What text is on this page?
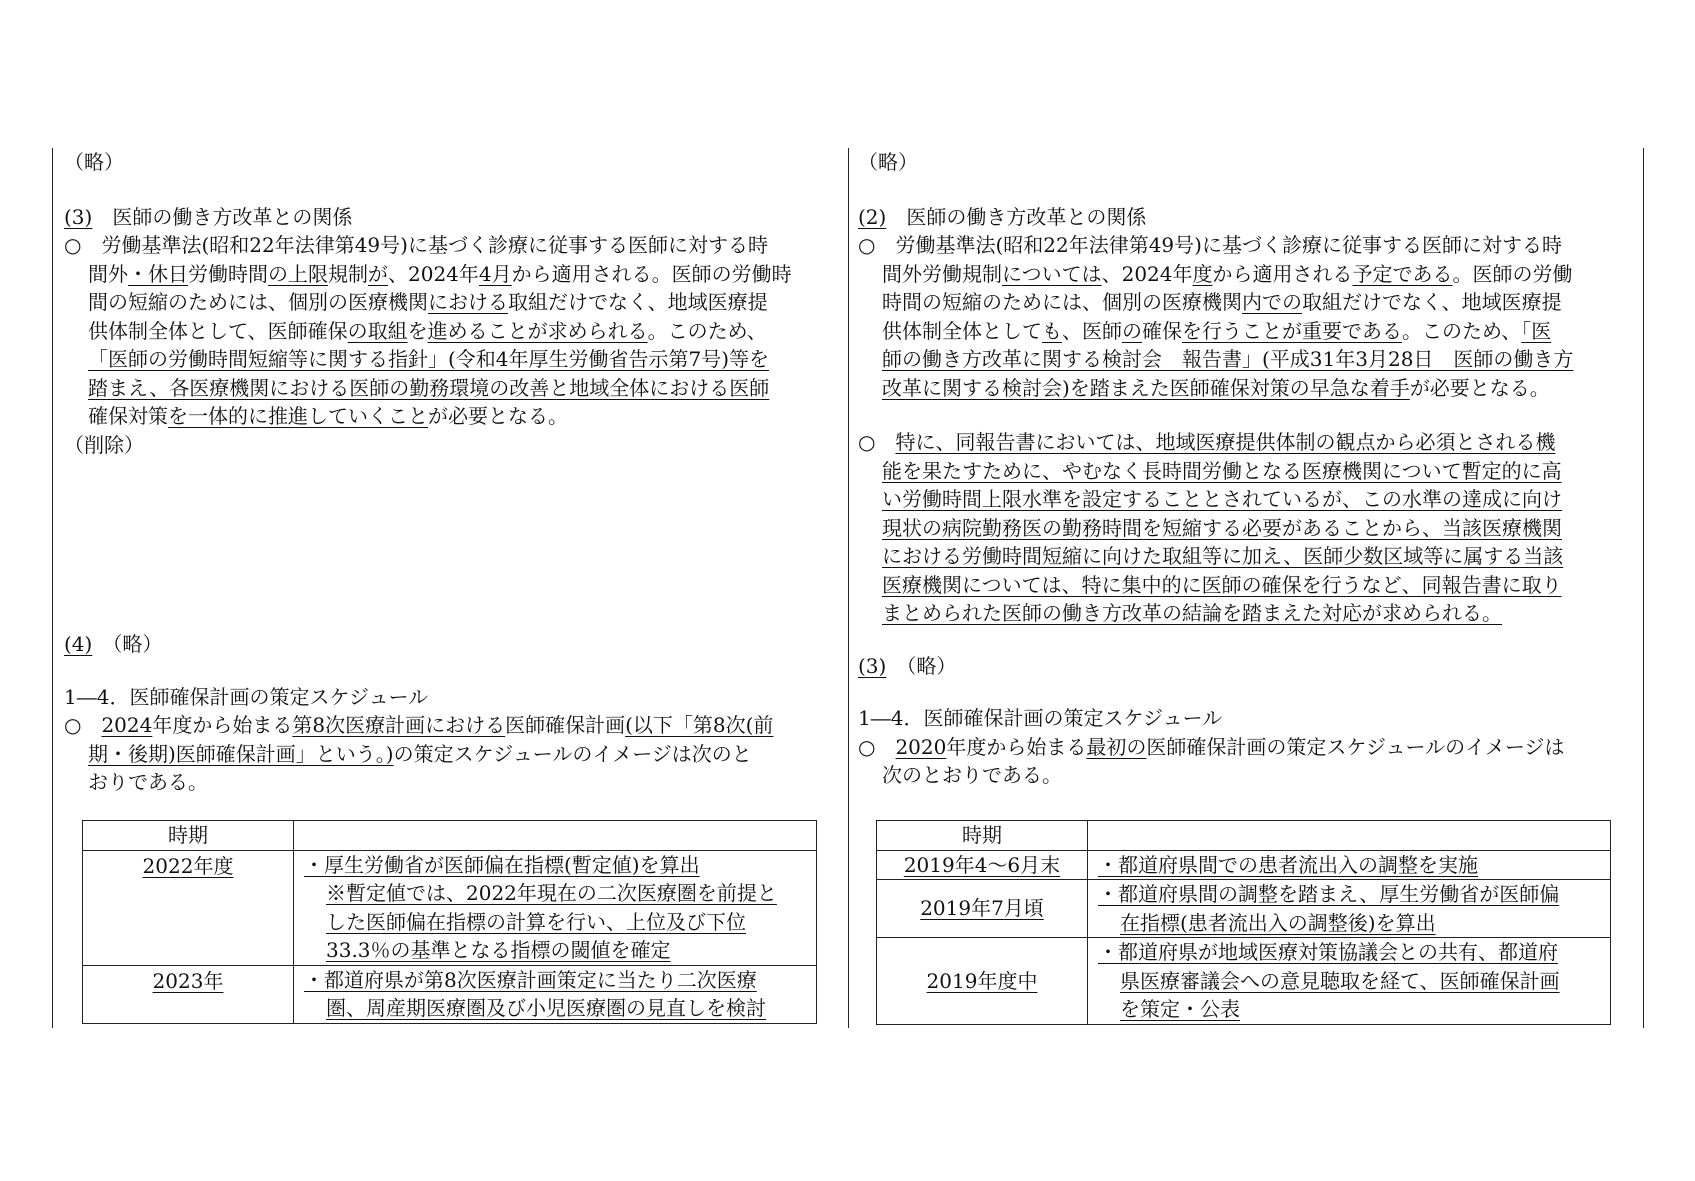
（略）
(3)　 医師の働き方改革との関係
○　労働基準法(昭和22年法律第49号)に基づく診療に従事する医師に対する時
間外・休日労働時間の上限規制が、2024年4月から適用される。医師の労働時
間の短縮のためには、個別の医療機関における取組だけでなく、地域医療提
供体制全体として、医師確保の取組を進めることが求められる。このため、
「医師の労働時間短縮等に関する指針」(令和4年厚生労働省告示第7号)等を
踏まえ、各医療機関における医師の勤務環境の改善と地域全体における医師
確保対策を一体的に推進していくことが必要となる。
（削除）
(4)　 （略）
1―4．医師確保計画の策定スケジュール
○　2024年度から始まる第8次医療計画における医師確保計画(以下「第8次(前
期・後期)医師確保計画」という。)の策定スケジュールのイメージは次のと
おりである。
時期	
2022年度	・厚生労働省が医師偏在指標(暫定値)を算出

※暫定値では、2022年現在の二次医療圏を前提と
した医師偏在指標の計算を行い、上位及び下位
33.3％の基準となる指標の閾値を確定

2023年	・都道府県が第8次医療計画策定に当たり二次医療
圏、周産期医療圏及び小児医療圏の見直しを検討
（略）
(2)　 医師の働き方改革との関係
○　労働基準法(昭和22年法律第49号)に基づく診療に従事する医師に対する時
間外労働規制については、2024年度から適用される予定である。医師の労働
時間の短縮のためには、個別の医療機関内での取組だけでなく、地域医療提
供体制全体としても、医師の確保を行うことが重要である。このため、「医
師の働き方改革に関する検討会　報告書」(平成31年3月28日　医師の働き方
改革に関する検討会)を踏まえた医師確保対策の早急な着手が必要となる。
○　特に、同報告書においては、地域医療提供体制の観点から必須とされる機
能を果たすために、やむなく長時間労働となる医療機関について暫定的に高
い労働時間上限水準を設定することとされているが、この水準の達成に向け
現状の病院勤務医の勤務時間を短縮する必要があることから、当該医療機関
における労働時間短縮に向けた取組等に加え、医師少数区域等に属する当該
医療機関については、特に集中的に医師の確保を行うなど、同報告書に取り
まとめられた医師の働き方改革の結論を踏まえた対応が求められる。
(3)　 （略）
1―4．医師確保計画の策定スケジュール
○　2020年度から始まる最初の医師確保計画の策定スケジュールのイメージは
次のとおりである。
時期	
2019年4～6月末	・都道府県間での患者流出入の調整を実施

2019年7月頃	・都道府県間の調整を踏まえ、厚生労働省が医師偏
在指標(患者流出入の調整後)を算出

2019年度中	・都道府県が地域医療対策協議会との共有、都道府
県医療審議会への意見聴取を経て、医師確保計画
を策定・公表
